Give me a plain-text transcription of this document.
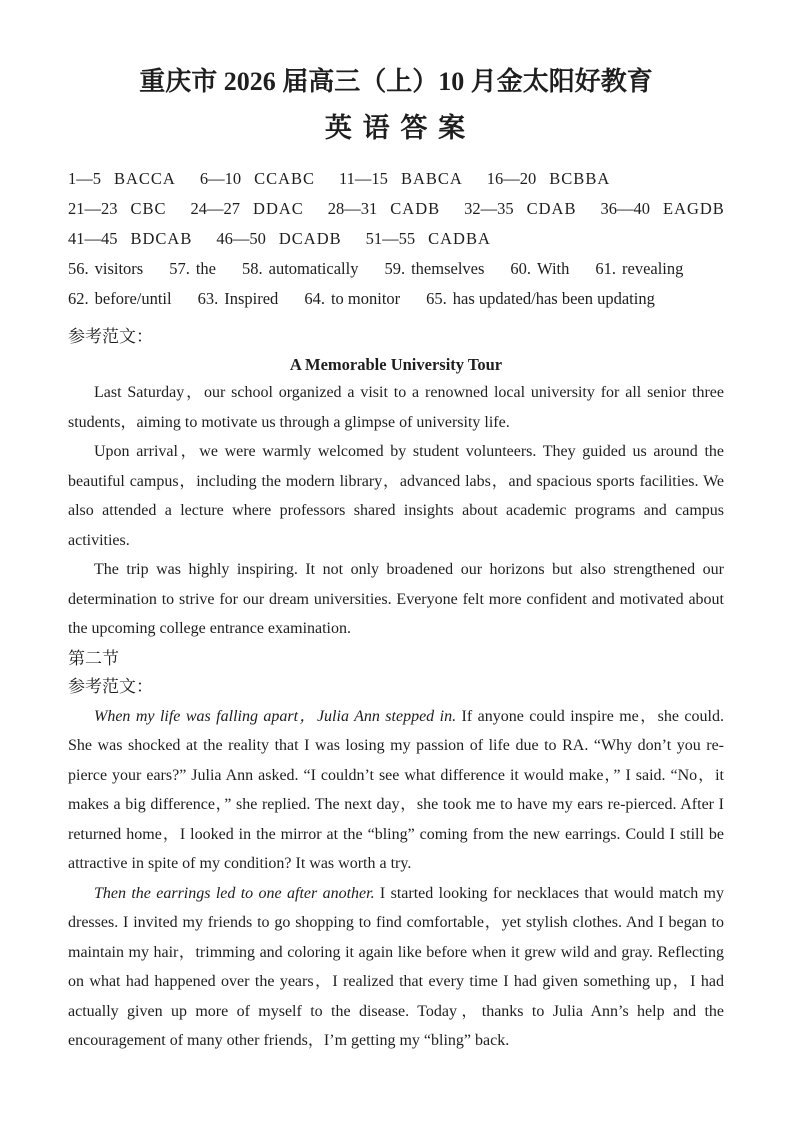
重庆市 2026 届高三（上）10 月金太阳好教育
英 语 答 案
1—5 BACCA 6—10 CCABC 11—15 BABCA 16—20 BCBBA
21—23 CBC 24—27 DDAC 28—31 CADB 32—35 CDAB 36—40 EAGDB
41—45 BDCAB 46—50 DCADB 51—55 CADBA
56. visitors 57. the 58. automatically 59. themselves 60. With 61. revealing
62. before/until 63. Inspired 64. to monitor 65. has updated/has been updating
参考范文：
A Memorable University Tour

Last Saturday，our school organized a visit to a renowned local university for all senior three students，aiming to motivate us through a glimpse of university life.

Upon arrival，we were warmly welcomed by student volunteers. They guided us around the beautiful campus，including the modern library，advanced labs，and spacious sports facilities. We also attended a lecture where professors shared insights about academic programs and campus activities.

The trip was highly inspiring. It not only broadened our horizons but also strengthened our determination to strive for our dream universities. Everyone felt more confident and motivated about the upcoming college entrance examination.

第二节
参考范文：

When my life was falling apart，Julia Ann stepped in. If anyone could inspire me，she could. She was shocked at the reality that I was losing my passion of life due to RA. “Why don’t you re-pierce your ears?” Julia Ann asked. “I couldn’t see what difference it would make，” I said. “No，it makes a big difference，” she replied. The next day，she took me to have my ears re-pierced. After I returned home，I looked in the mirror at the “bling” coming from the new earrings. Could I still be attractive in spite of my condition? It was worth a try.

Then the earrings led to one after another. I started looking for necklaces that would match my dresses. I invited my friends to go shopping to find comfortable，yet stylish clothes. And I began to maintain my hair，trimming and coloring it again like before when it grew wild and gray. Reflecting on what had happened over the years，I realized that every time I had given something up，I had actually given up more of myself to the disease. Today，thanks to Julia Ann’s help and the encouragement of many other friends，I’m getting my “bling” back.
